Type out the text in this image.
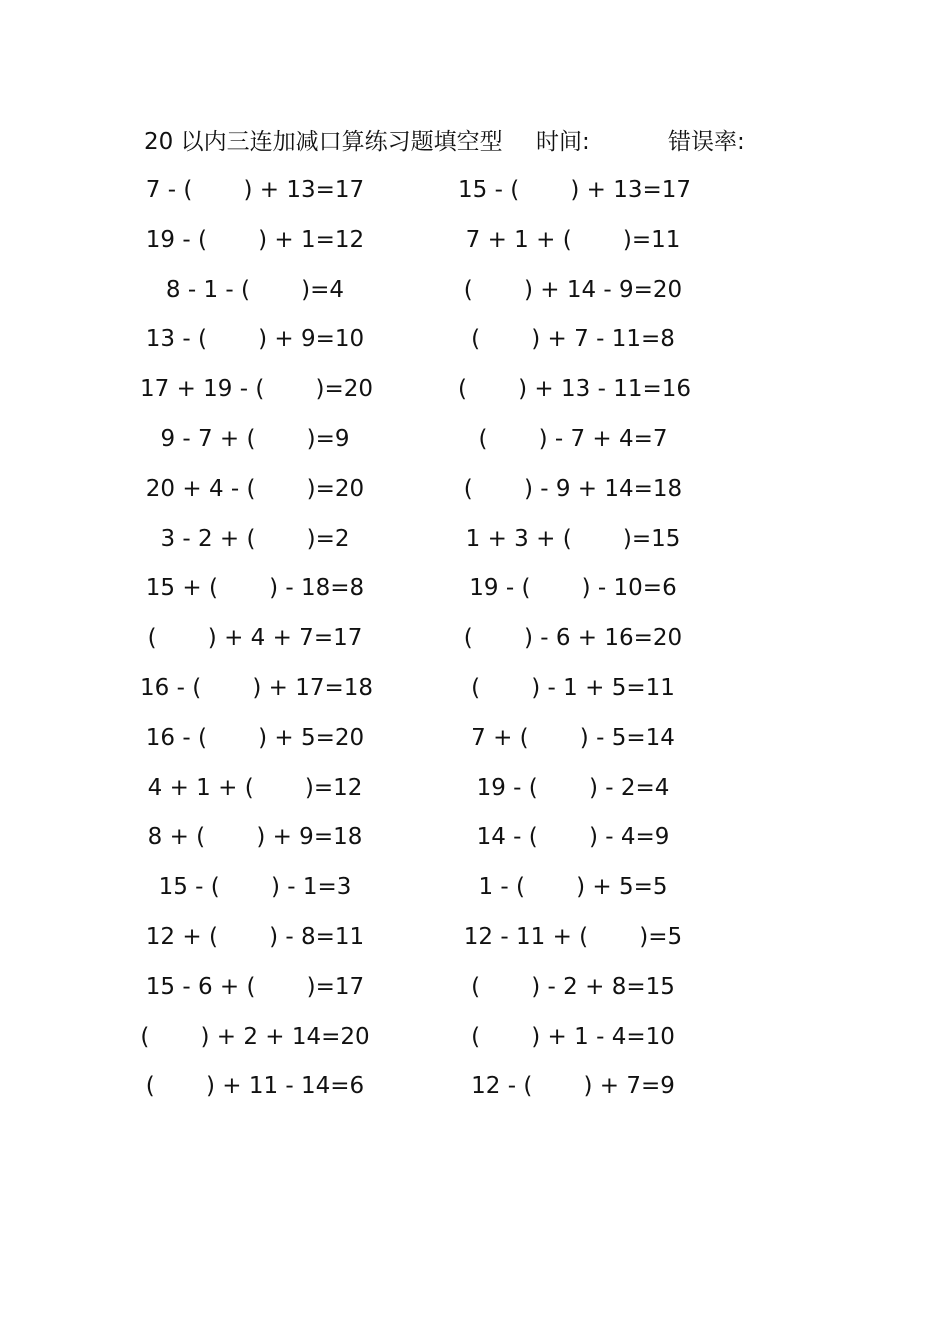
20 以内三连加减口算练习题填空型 时间:	错误率:
7 - (       ) + 13=17	15 - (       ) + 13=17
19 - (       ) + 1=12	7 + 1 + (       )=11
8 - 1 - (       )=4	(       ) + 14 - 9=20
13 - (       ) + 9=10	(       ) + 7 - 11=8
17 + 19 - (       )=20	(       ) + 13 - 11=16
9 - 7 + (       )=9	(       ) - 7 + 4=7
20 + 4 - (       )=20	(       ) - 9 + 14=18
3 - 2 + (       )=2	1 + 3 + (       )=15
15 + (       ) - 18=8	19 - (       ) - 10=6
(       ) + 4 + 7=17	(       ) - 6 + 16=20
16 - (       ) + 17=18	(       ) - 1 + 5=11
16 - (       ) + 5=20	7 + (       ) - 5=14
4 + 1 + (       )=12	19 - (       ) - 2=4
8 + (       ) + 9=18	14 - (       ) - 4=9
15 - (       ) - 1=3	1 - (       ) + 5=5
12 + (       ) - 8=11	12 - 11 + (       )=5
15 - 6 + (       )=17	(       ) - 2 + 8=15
(       ) + 2 + 14=20	(       ) + 1 - 4=10
(       ) + 11 - 14=6	12 - (       ) + 7=9
